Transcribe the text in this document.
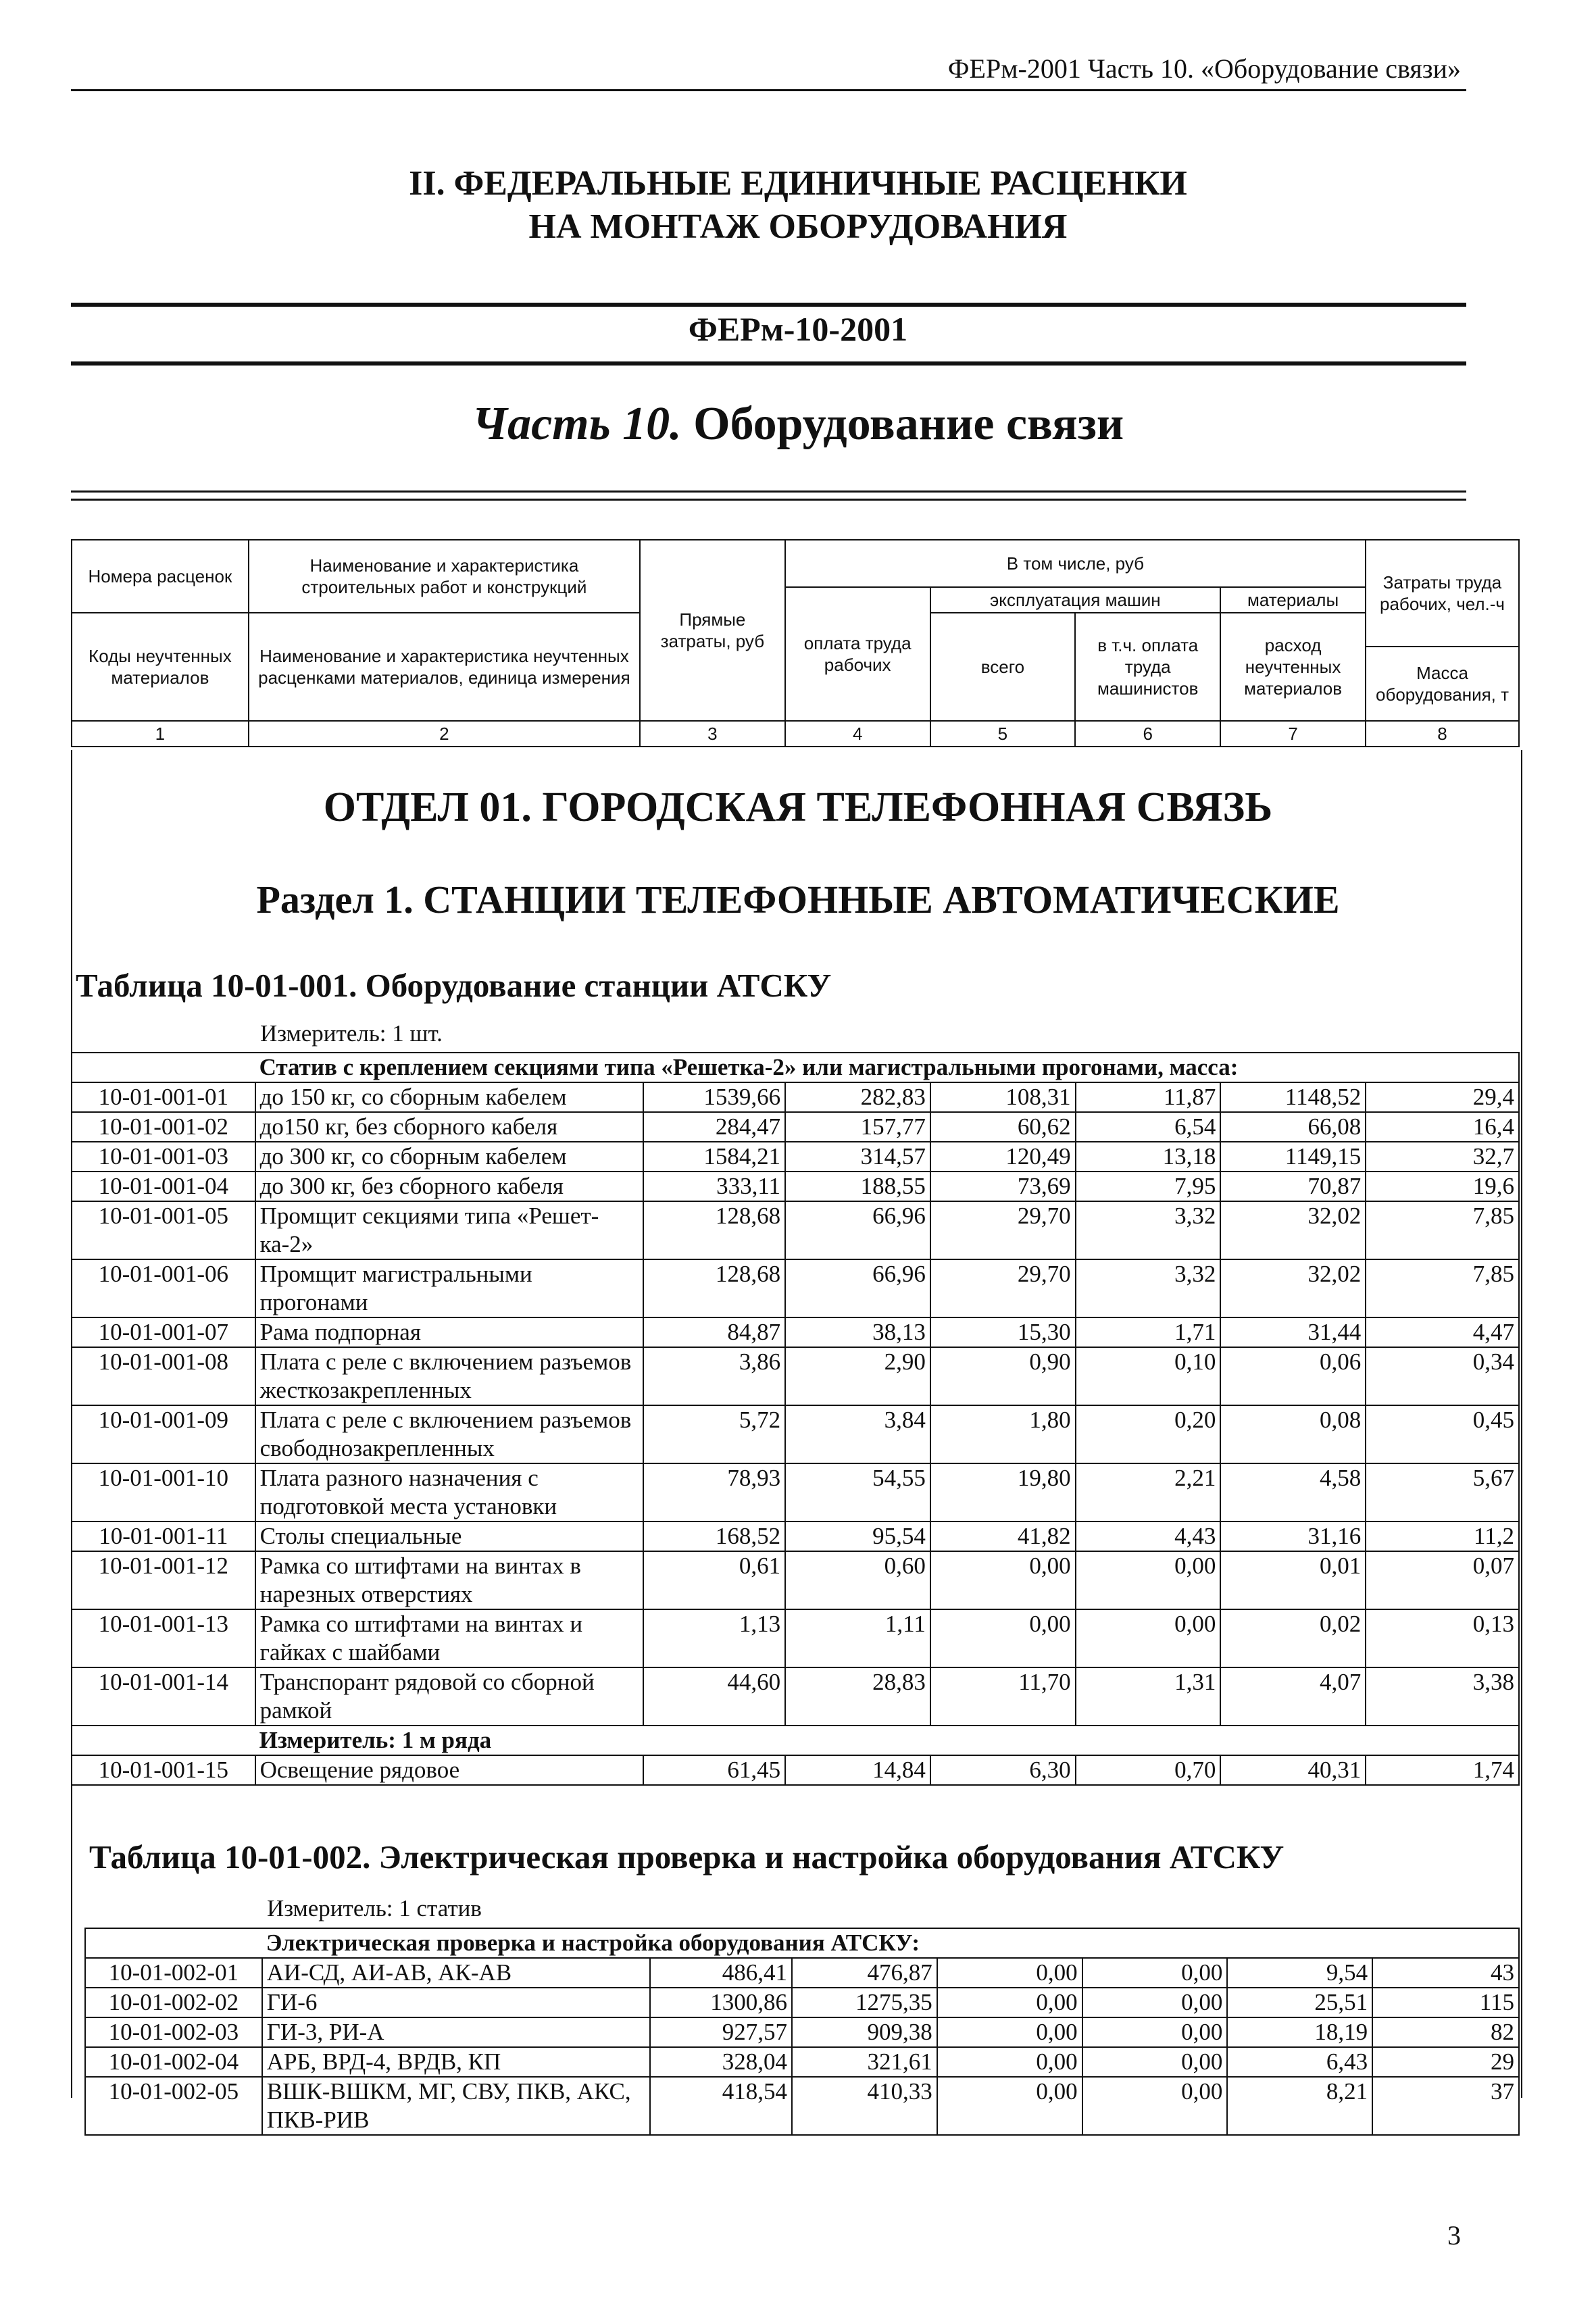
ФЕРм-2001 Часть 10. «Оборудование связи»
II. ФЕДЕРАЛЬНЫЕ ЕДИНИЧНЫЕ РАСЦЕНКИ
НА МОНТАЖ ОБОРУДОВАНИЯ
ФЕРм-10-2001
Часть 10. Оборудование связи
Номера расценок	Наименование и характеристика строительных работ и конструкций	Прямые затраты, руб	В том числе, руб				Затраты труда рабочих, чел.-ч
			оплата труда рабочих	эксплуатация машин		материалы	
Коды неучтенных материалов	Наименование и характеристика неучтенных расценками материалов, единица измерения			всего	в т.ч. оплата труда машинистов	расход неучтенных материалов	
							Масса оборудования, т
1	2	3	4	5	6	7	8
ОТДЕЛ 01. ГОРОДСКАЯ ТЕЛЕФОННАЯ СВЯЗЬ
Раздел 1. СТАНЦИИ ТЕЛЕФОННЫЕ АВТОМАТИЧЕСКИЕ
Таблица 10-01-001. Оборудование станции АТСКУ
Измеритель: 1 шт.
	Статив с креплением секциями типа «Решетка-2» или магистральными прогонами, масса:						
10-01-001-01	до 150 кг, со сборным кабелем	1539,66	282,83	108,31	11,87	1148,52	29,4
10-01-001-02	до150 кг, без сборного кабеля	284,47	157,77	60,62	6,54	66,08	16,4
10-01-001-03	до 300 кг, со сборным кабелем	1584,21	314,57	120,49	13,18	1149,15	32,7
10-01-001-04	до 300 кг, без сборного кабеля	333,11	188,55	73,69	7,95	70,87	19,6
10-01-001-05	Промщит секциями типа «Решет-ка-2»	128,68	66,96	29,70	3,32	32,02	7,85
10-01-001-06	Промщит магистральными прогонами	128,68	66,96	29,70	3,32	32,02	7,85
10-01-001-07	Рама подпорная	84,87	38,13	15,30	1,71	31,44	4,47
10-01-001-08	Плата с реле с включением разъемов жесткозакрепленных	3,86	2,90	0,90	0,10	0,06	0,34
10-01-001-09	Плата с реле с включением разъемов свободнозакрепленных	5,72	3,84	1,80	0,20	0,08	0,45
10-01-001-10	Плата разного назначения с подготовкой места установки	78,93	54,55	19,80	2,21	4,58	5,67
10-01-001-11	Столы специальные	168,52	95,54	41,82	4,43	31,16	11,2
10-01-001-12	Рамка со штифтами на винтах в нарезных отверстиях	0,61	0,60	0,00	0,00	0,01	0,07
10-01-001-13	Рамка со штифтами на винтах и гайках с шайбами	1,13	1,11	0,00	0,00	0,02	0,13
10-01-001-14	Транспорант рядовой со сборной рамкой	44,60	28,83	11,70	1,31	4,07	3,38
	Измеритель: 1 м ряда						
10-01-001-15	Освещение рядовое	61,45	14,84	6,30	0,70	40,31	1,74
Таблица 10-01-002. Электрическая проверка и настройка оборудования АТСКУ
Измеритель: 1 статив
	Электрическая проверка и настройка оборудования АТСКУ:						
10-01-002-01	АИ-СД, АИ-АВ, АК-АВ	486,41	476,87	0,00	0,00	9,54	43
10-01-002-02	ГИ-6	1300,86	1275,35	0,00	0,00	25,51	115
10-01-002-03	ГИ-3, РИ-А	927,57	909,38	0,00	0,00	18,19	82
10-01-002-04	АРБ, ВРД-4, ВРДВ, КП	328,04	321,61	0,00	0,00	6,43	29
10-01-002-05	ВШК-ВШКМ, МГ, СВУ, ПКВ, АКС, ПКВ-РИВ	418,54	410,33	0,00	0,00	8,21	37
3
